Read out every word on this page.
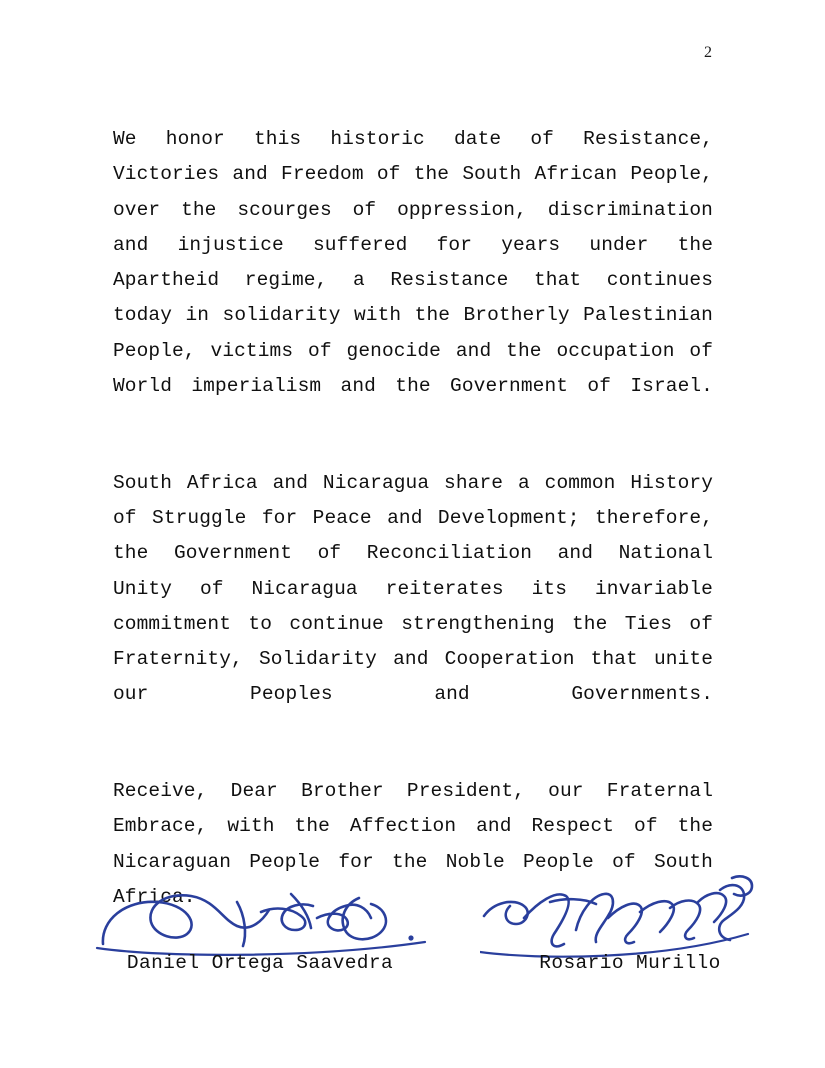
2

We honor this historic date of Resistance, Victories and Freedom of the South African People, over the scourges of oppression, discrimination and injustice suffered for years under the Apartheid regime, a Resistance that continues today in solidarity with the Brotherly Palestinian People, victims of genocide and the occupation of World imperialism and the Government of Israel.

South Africa and Nicaragua share a common History of Struggle for Peace and Development; therefore, the Government of Reconciliation and National Unity of Nicaragua reiterates its invariable commitment to continue strengthening the Ties of Fraternity, Solidarity and Cooperation that unite our Peoples and Governments.

Receive, Dear Brother President, our Fraternal Embrace, with the Affection and Respect of the Nicaraguan People for the Noble People of South Africa.

Daniel Ortega Saavedra	Rosario Murillo
